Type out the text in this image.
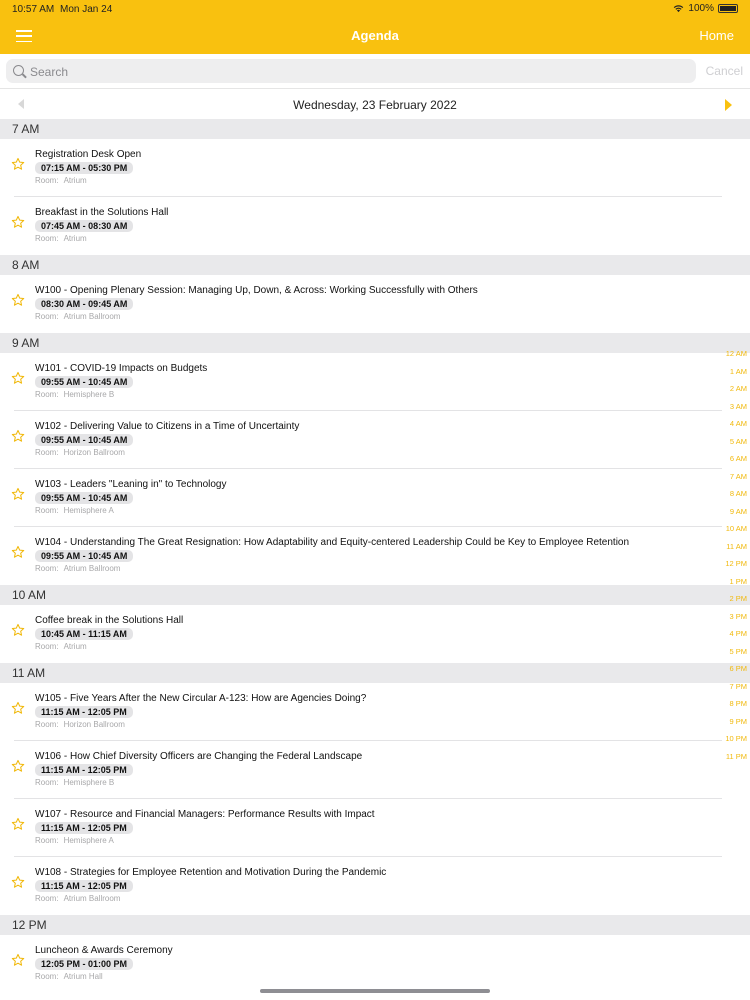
10:57 AM Mon Jan 24	100%
Agenda	Home
Search
Cancel
Wednesday, 23 February 2022
7 AM
Registration Desk Open
07:15 AM - 05:30 PM
Room: Atrium
Breakfast in the Solutions Hall
07:45 AM - 08:30 AM
Room: Atrium
8 AM
W100 - Opening Plenary Session: Managing Up, Down, & Across: Working Successfully with Others
08:30 AM - 09:45 AM
Room: Atrium Ballroom
9 AM
W101 - COVID-19 Impacts on Budgets
09:55 AM - 10:45 AM
Room: Hemisphere B
W102 - Delivering Value to Citizens in a Time of Uncertainty
09:55 AM - 10:45 AM
Room: Horizon Ballroom
W103 - Leaders "Leaning in" to Technology
09:55 AM - 10:45 AM
Room: Hemisphere A
W104 - Understanding The Great Resignation: How Adaptability and Equity-centered Leadership Could be Key to Employee Retention
09:55 AM - 10:45 AM
Room: Atrium Ballroom
10 AM
Coffee break in the Solutions Hall
10:45 AM - 11:15 AM
Room: Atrium
11 AM
W105 - Five Years After the New Circular A-123: How are Agencies Doing?
11:15 AM - 12:05 PM
Room: Horizon Ballroom
W106 - How Chief Diversity Officers are Changing the Federal Landscape
11:15 AM - 12:05 PM
Room: Hemisphere B
W107 - Resource and Financial Managers: Performance Results with Impact
11:15 AM - 12:05 PM
Room: Hemisphere A
W108 - Strategies for Employee Retention and Motivation During the Pandemic
11:15 AM - 12:05 PM
Room: Atrium Ballroom
12 PM
Luncheon & Awards Ceremony
12:05 PM - 01:00 PM
Room: Atrium Hall
12 AM
1 AM
2 AM
3 AM
4 AM
5 AM
6 AM
7 AM
8 AM
9 AM
10 AM
11 AM
12 PM
1 PM
2 PM
3 PM
4 PM
5 PM
6 PM
7 PM
8 PM
9 PM
10 PM
11 PM
